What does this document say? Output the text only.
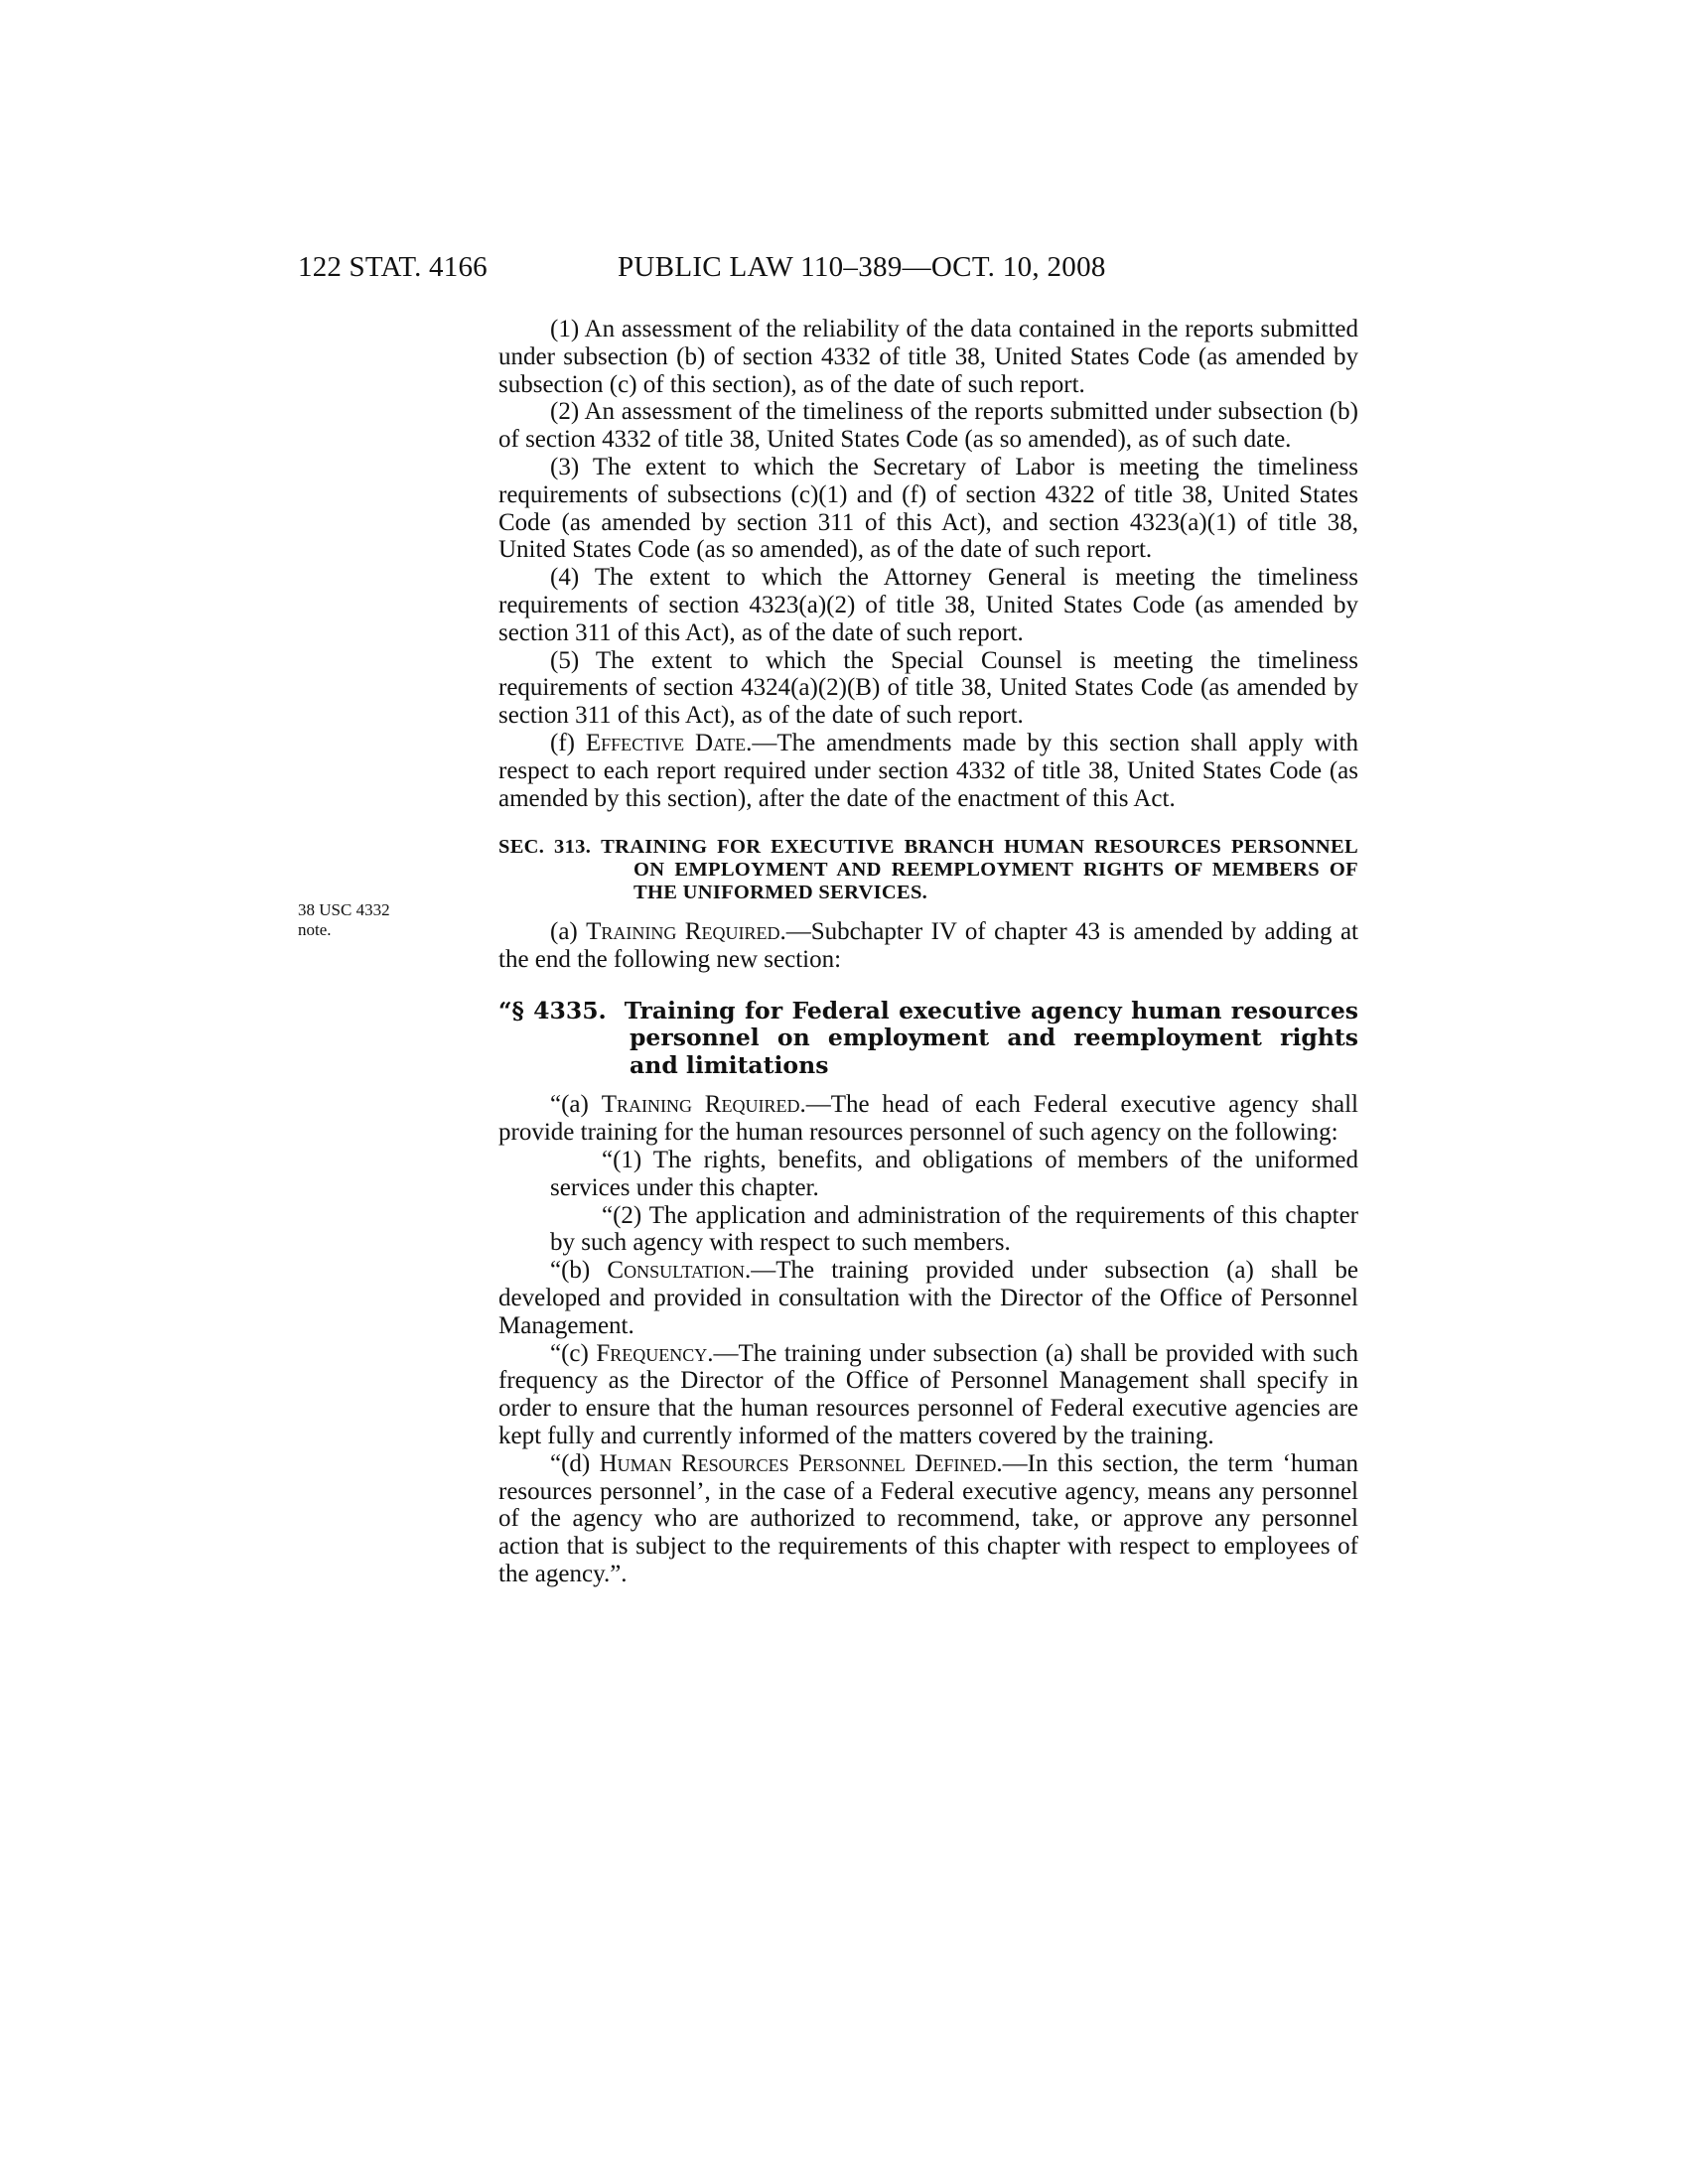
122 STAT. 4166	PUBLIC LAW 110–389—OCT. 10, 2008
38 USC 4332
note.

(1) An assessment of the reliability of the data contained in the reports submitted under subsection (b) of section 4332 of title 38, United States Code (as amended by subsection (c) of this section), as of the date of such report.

(2) An assessment of the timeliness of the reports submitted under subsection (b) of section 4332 of title 38, United States Code (as so amended), as of such date.

(3) The extent to which the Secretary of Labor is meeting the timeliness requirements of subsections (c)(1) and (f) of section 4322 of title 38, United States Code (as amended by section 311 of this Act), and section 4323(a)(1) of title 38, United States Code (as so amended), as of the date of such report.

(4) The extent to which the Attorney General is meeting the timeliness requirements of section 4323(a)(2) of title 38, United States Code (as amended by section 311 of this Act), as of the date of such report.

(5) The extent to which the Special Counsel is meeting the timeliness requirements of section 4324(a)(2)(B) of title 38, United States Code (as amended by section 311 of this Act), as of the date of such report.

(f) Effective Date.—The amendments made by this section shall apply with respect to each report required under section 4332 of title 38, United States Code (as amended by this section), after the date of the enactment of this Act.

SEC. 313. TRAINING FOR EXECUTIVE BRANCH HUMAN RESOURCES PERSONNEL ON EMPLOYMENT AND REEMPLOYMENT RIGHTS OF MEMBERS OF THE UNIFORMED SERVICES.

(a) Training Required.—Subchapter IV of chapter 43 is amended by adding at the end the following new section:

“§ 4335. Training for Federal executive agency human resources personnel on employment and reemployment rights and limitations

“(a) Training Required.—The head of each Federal executive agency shall provide training for the human resources personnel of such agency on the following:

“(1) The rights, benefits, and obligations of members of the uniformed services under this chapter.

“(2) The application and administration of the requirements of this chapter by such agency with respect to such members.

“(b) Consultation.—The training provided under subsection (a) shall be developed and provided in consultation with the Director of the Office of Personnel Management.

“(c) Frequency.—The training under subsection (a) shall be provided with such frequency as the Director of the Office of Personnel Management shall specify in order to ensure that the human resources personnel of Federal executive agencies are kept fully and currently informed of the matters covered by the training.

“(d) Human Resources Personnel Defined.—In this section, the term ‘human resources personnel’, in the case of a Federal executive agency, means any personnel of the agency who are authorized to recommend, take, or approve any personnel action that is subject to the requirements of this chapter with respect to employees of the agency.”.
